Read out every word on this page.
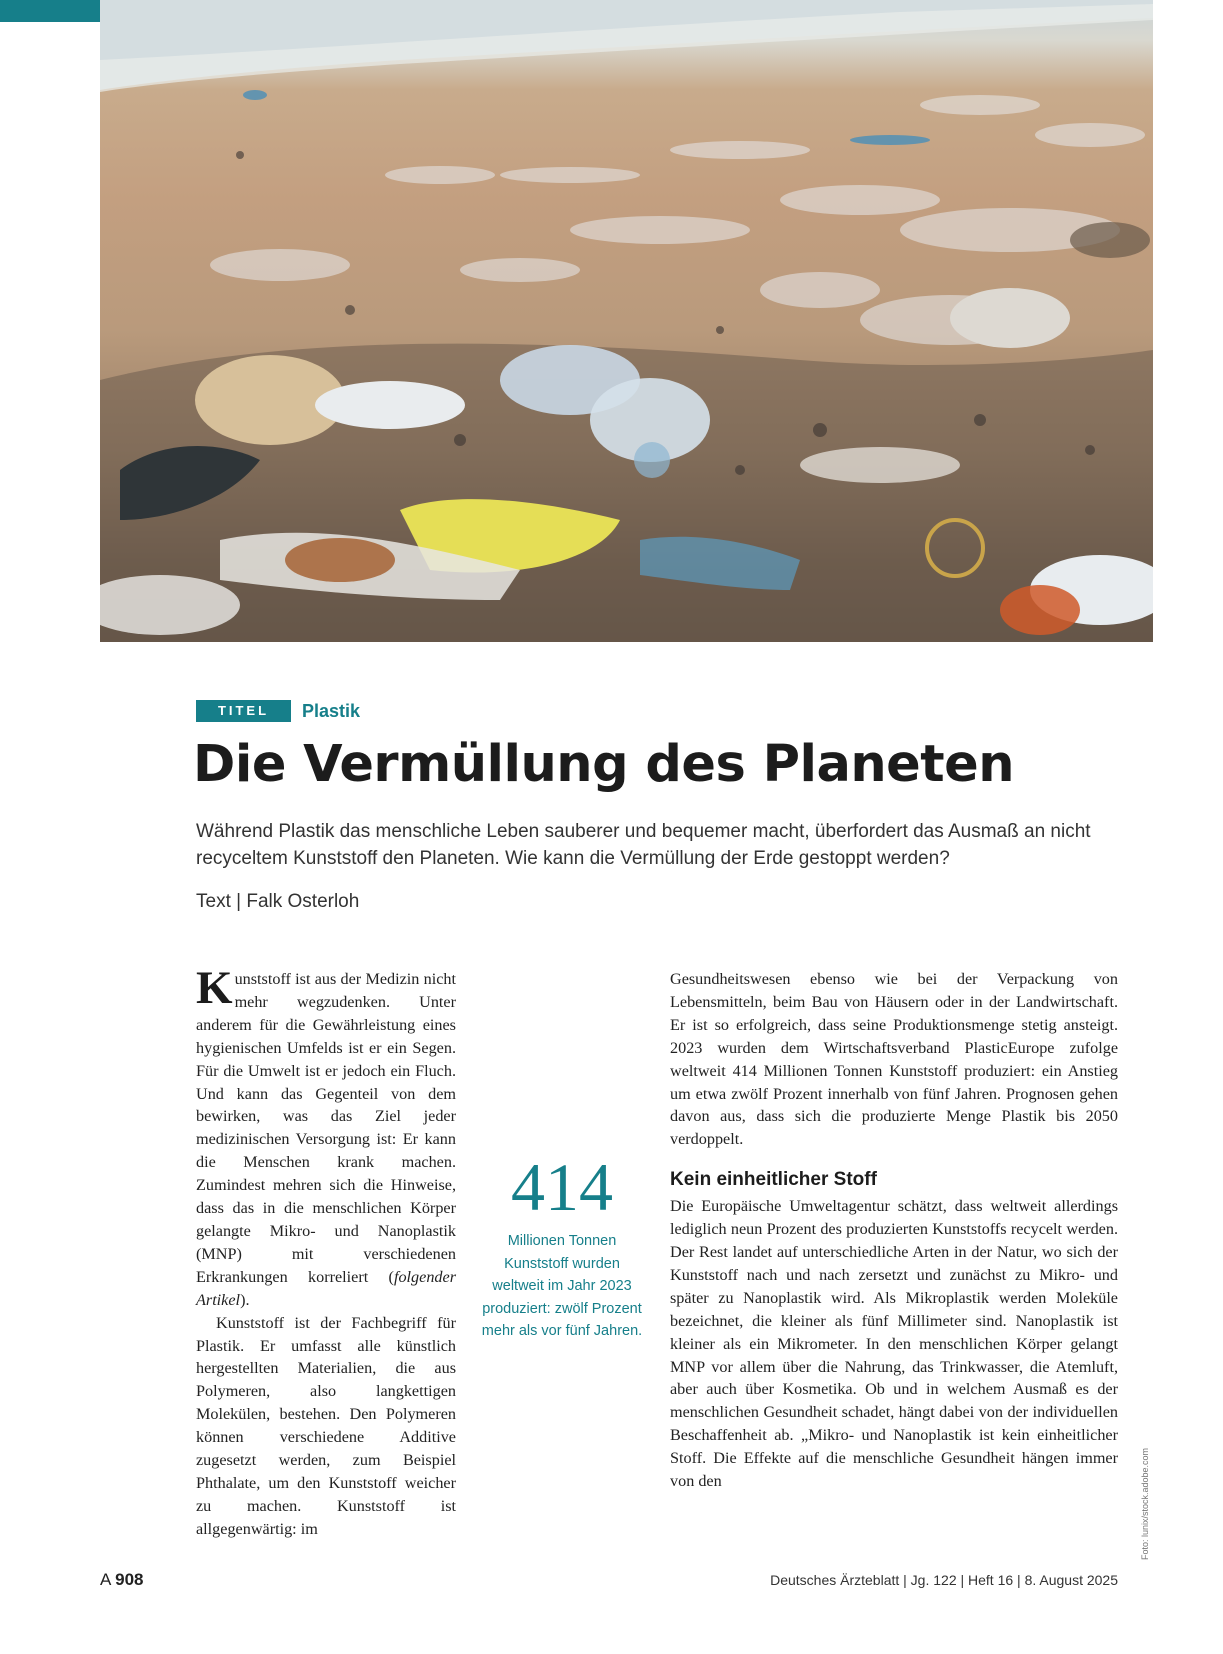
TITEL	Plastik
Die Vermüllung des Planeten

Während Plastik das menschliche Leben sauberer und bequemer macht, überfordert das Ausmaß an nicht recyceltem Kunststoff den Planeten. Wie kann die Vermüllung der Erde gestoppt werden?

Text | Falk Osterloh

Kunststoff ist aus der Medizin nicht mehr wegzudenken. Unter anderem für die Gewährleistung eines hygienischen Umfelds ist er ein Segen. Für die Umwelt ist er jedoch ein Fluch. Und kann das Gegenteil von dem bewirken, was das Ziel jeder medizinischen Versorgung ist: Er kann die Menschen krank machen. Zumindest mehren sich die Hinweise, dass das in die menschlichen Körper gelangte Mikro- und Nanoplastik (MNP) mit verschiedenen Erkrankungen korreliert (folgender Artikel).

Kunststoff ist der Fachbegriff für Plastik. Er umfasst alle künstlich hergestellten Materialien, die aus Polymeren, also langkettigen Molekülen, bestehen. Den Polymeren können verschiedene Additive zugesetzt werden, zum Beispiel Phthalate, um den Kunststoff weicher zu machen. Kunststoff ist allgegenwärtig: im

414
Millionen Tonnen Kunststoff wurden weltweit im Jahr 2023 produziert: zwölf Prozent mehr als vor fünf Jahren.

Gesundheitswesen ebenso wie bei der Verpackung von Lebensmitteln, beim Bau von Häusern oder in der Landwirtschaft. Er ist so erfolgreich, dass seine Produktionsmenge stetig ansteigt. 2023 wurden dem Wirtschaftsverband PlasticEurope zufolge weltweit 414 Millionen Tonnen Kunststoff produziert: ein Anstieg um etwa zwölf Prozent innerhalb von fünf Jahren. Prognosen gehen davon aus, dass sich die produzierte Menge Plastik bis 2050 verdoppelt.

Kein einheitlicher Stoff

Die Europäische Umweltagentur schätzt, dass weltweit allerdings lediglich neun Prozent des produzierten Kunststoffs recycelt werden. Der Rest landet auf unterschiedliche Arten in der Natur, wo sich der Kunststoff nach und nach zersetzt und zunächst zu Mikro- und später zu Nanoplastik wird. Als Mikroplastik werden Moleküle bezeichnet, die kleiner als fünf Millimeter sind. Nanoplastik ist kleiner als ein Mikrometer. In den menschlichen Körper gelangt MNP vor allem über die Nahrung, das Trinkwasser, die Atemluft, aber auch über Kosmetika. Ob und in welchem Ausmaß es der menschlichen Gesundheit schadet, hängt dabei von der individuellen Beschaffenheit ab. „Mikro- und Nanoplastik ist kein einheitlicher Stoff. Die Effekte auf die menschliche Gesundheit hängen immer von den	Foto: lunix/stock.adobe.com
A 908	Deutsches Ärzteblatt | Jg. 122 | Heft 16 | 8. August 2025
